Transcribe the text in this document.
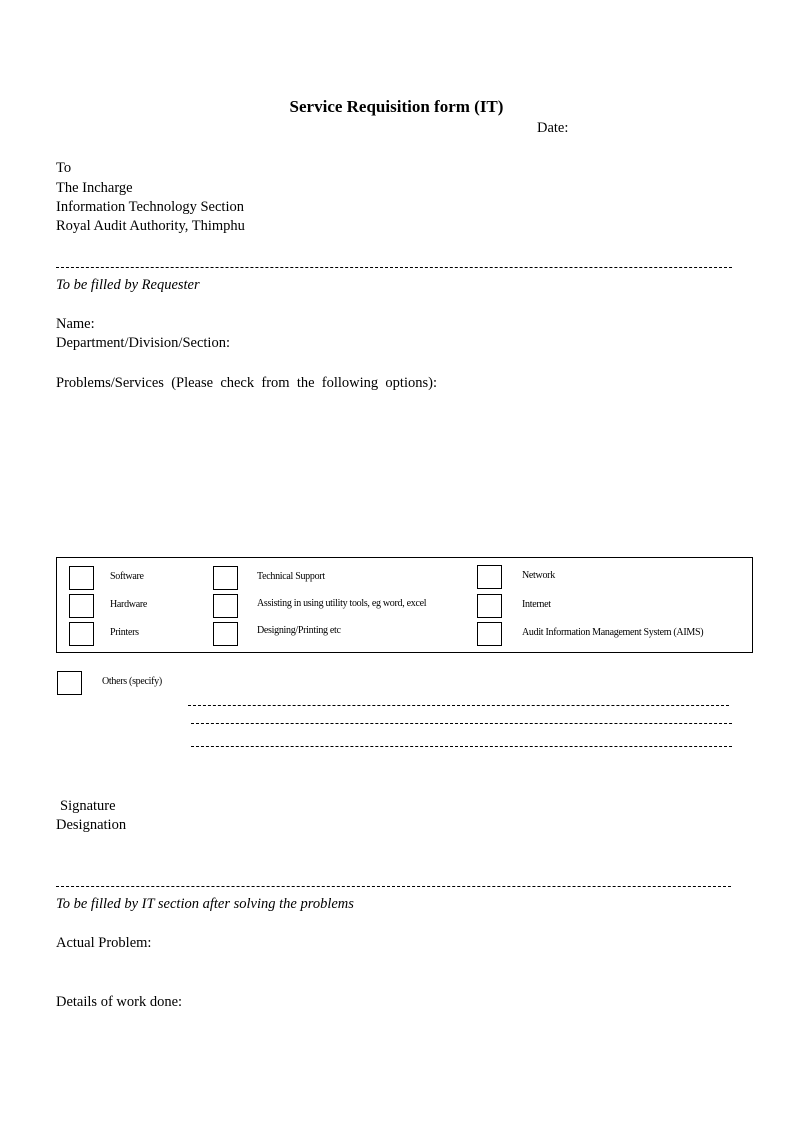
Service Requisition form (IT)
Date:
To
The Incharge
Information Technology Section
Royal Audit Authority, Thimphu
To be filled by Requester
Name:
Department/Division/Section:
Problems/Services (Please check from the following options):
Software
Hardware
Printers
Technical Support
Assisting in using utility tools, eg word, excel
Designing/Printing etc
Network
Internet
Audit Information Management System (AIMS)
Others (specify)
Signature
Designation
To be filled by IT section after solving the problems
Actual Problem:
Details of work done:
